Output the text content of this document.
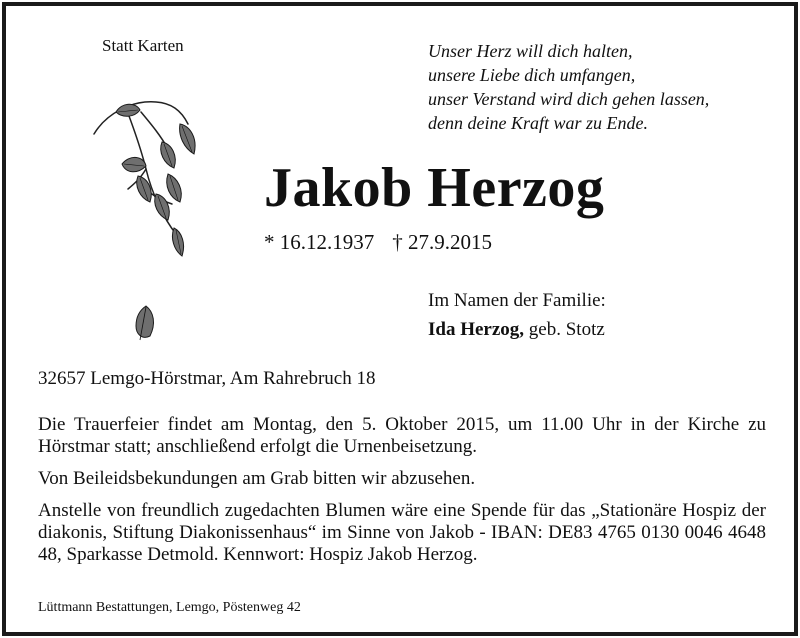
Statt Karten	Unser Herz will dich halten,
unsere Liebe dich umfangen,
unser Verstand wird dich gehen lassen,
denn deine Kraft war zu Ende.
Jakob Herzog
* 16.12.1937 † 27.9.2015
Im Namen der Familie:
Ida Herzog, geb. Stotz
32657 Lemgo-Hörstmar, Am Rahrebruch 18
Die Trauerfeier findet am Montag, den 5. Oktober 2015, um 11.00 Uhr in der Kirche zu Hörstmar statt; anschließend erfolgt die Urnenbeisetzung.
Von Beileidsbekundungen am Grab bitten wir abzusehen.
Anstelle von freundlich zugedachten Blumen wäre eine Spende für das „Stationäre Hospiz der diakonis, Stiftung Diakonissenhaus“ im Sinne von Jakob - IBAN: DE83 4765 0130 0046 4648 48, Sparkasse Detmold. Kennwort: Hospiz Jakob Herzog.
Lüttmann Bestattungen, Lemgo, Pöstenweg 42
